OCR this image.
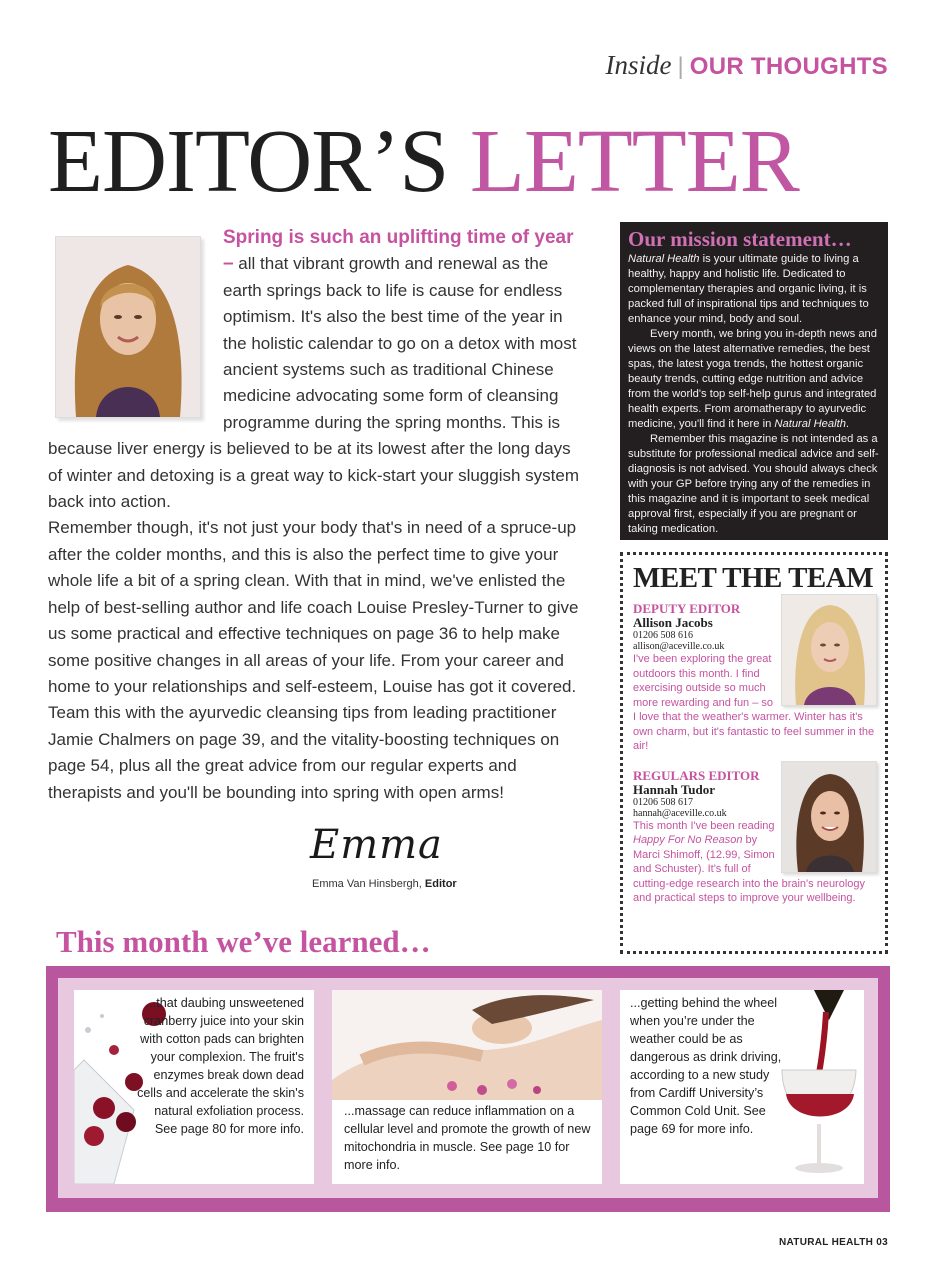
Inside | OUR THOUGHTS
EDITOR’S LETTER

Spring is such an uplifting time of year – all that vibrant growth and renewal as the earth springs back to life is cause for endless optimism. It's also the best time of the year in the holistic calendar to go on a detox with most ancient systems such as traditional Chinese medicine advocating some form of cleansing programme during the spring months. This is because liver energy is believed to be at its lowest after the long days of winter and detoxing is a great way to kick-start your sluggish system back into action.

Remember though, it's not just your body that's in need of a spruce-up after the colder months, and this is also the perfect time to give your whole life a bit of a spring clean. With that in mind, we've enlisted the help of best-selling author and life coach Louise Presley-Turner to give us some practical and effective techniques on page 36 to help make some positive changes in all areas of your life. From your career and home to your relationships and self-esteem, Louise has got it covered. Team this with the ayurvedic cleansing tips from leading practitioner Jamie Chalmers on page 39, and the vitality-boosting techniques on page 54, plus all the great advice from our regular experts and therapists and you'll be bounding into spring with open arms!

Emma
Emma Van Hinsbergh, Editor
Our mission statement…

Natural Health is your ultimate guide to living a healthy, happy and holistic life. Dedicated to complementary therapies and organic living, it is packed full of inspirational tips and techniques to enhance your mind, body and soul.

Every month, we bring you in-depth news and views on the latest alternative remedies, the best spas, the latest yoga trends, the hottest organic beauty trends, cutting edge nutrition and advice from the world's top self-help gurus and integrated health experts. From aromatherapy to ayurvedic medicine, you'll find it here in Natural Health.

Remember this magazine is not intended as a substitute for professional medical advice and self-diagnosis is not advised. You should always check with your GP before trying any of the remedies in this magazine and it is important to seek medical approval first, especially if you are pregnant or taking medication.

MEET THE TEAM
DEPUTY EDITOR
Allison Jacobs
01206 508 616
allison@aceville.co.uk

I've been exploring the great outdoors this month. I find exercising outside so much more rewarding and fun – so I love that the weather's warmer. Winter has it's own charm, but it's fantastic to feel summer in the air!

REGULARS EDITOR
Hannah Tudor
01206 508 617
hannah@aceville.co.uk

This month I've been reading Happy For No Reason by Marci Shimoff, (12.99, Simon and Schuster). It's full of cutting-edge research into the brain's neurology and practical steps to improve your wellbeing.

This month we’ve learned…
...that daubing unsweetened cranberry juice into your skin with cotton pads can brighten your complexion. The fruit's enzymes break down dead cells and accelerate the skin's natural exfoliation process. See page 80 for more info.
...massage can reduce inflammation on a cellular level and promote the growth of new mitochondria in muscle. See page 10 for more info.
...getting behind the wheel when you’re under the weather could be as dangerous as drink driving, according to a new study from Cardiff University’s Common Cold Unit. See page 69 for more info.
NATURAL HEALTH 03
